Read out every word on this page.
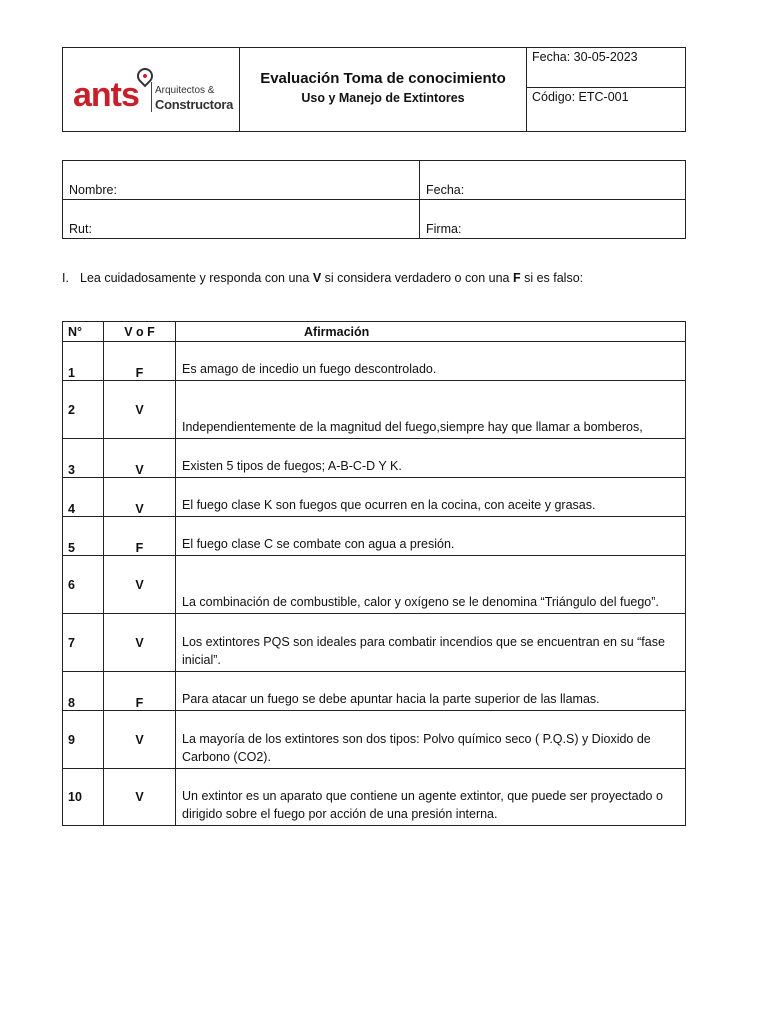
ants Arquitectos &
Constructora

Evaluación Toma de conocimiento
Uso y Manejo de Extintores
	Fecha: 30-05-2023
Código: ETC-001
Nombre:	Fecha:
Rut:	Firma:
I. Lea cuidadosamente y responda con una V si considera verdadero o con una F si es falso:
N°	V o F	Afirmación
1	F	Es amago de incedio un fuego descontrolado.
2	V	Independientemente de la magnitud del fuego,siempre hay que llamar a bomberos,
3	V	Existen 5 tipos de fuegos; A-B-C-D Y K.
4	V	El fuego clase K son fuegos que ocurren en la cocina, con aceite y grasas.
5	F	El fuego clase C se combate con agua a presión.
6	V	La combinación de combustible, calor y oxígeno se le denomina “Triángulo del fuego”.
7	V	Los extintores PQS son ideales para combatir incendios que se encuentran en su “fase inicial”.
8	F	Para atacar un fuego se debe apuntar hacia la parte superior de las llamas.
9	V	La mayoría de los extintores son dos tipos: Polvo químico seco ( P.Q.S) y Dioxido de Carbono (CO2).
10	V	Un extintor es un aparato que contiene un agente extintor, que puede ser proyectado o dirigido sobre el fuego por acción de una presión interna.
